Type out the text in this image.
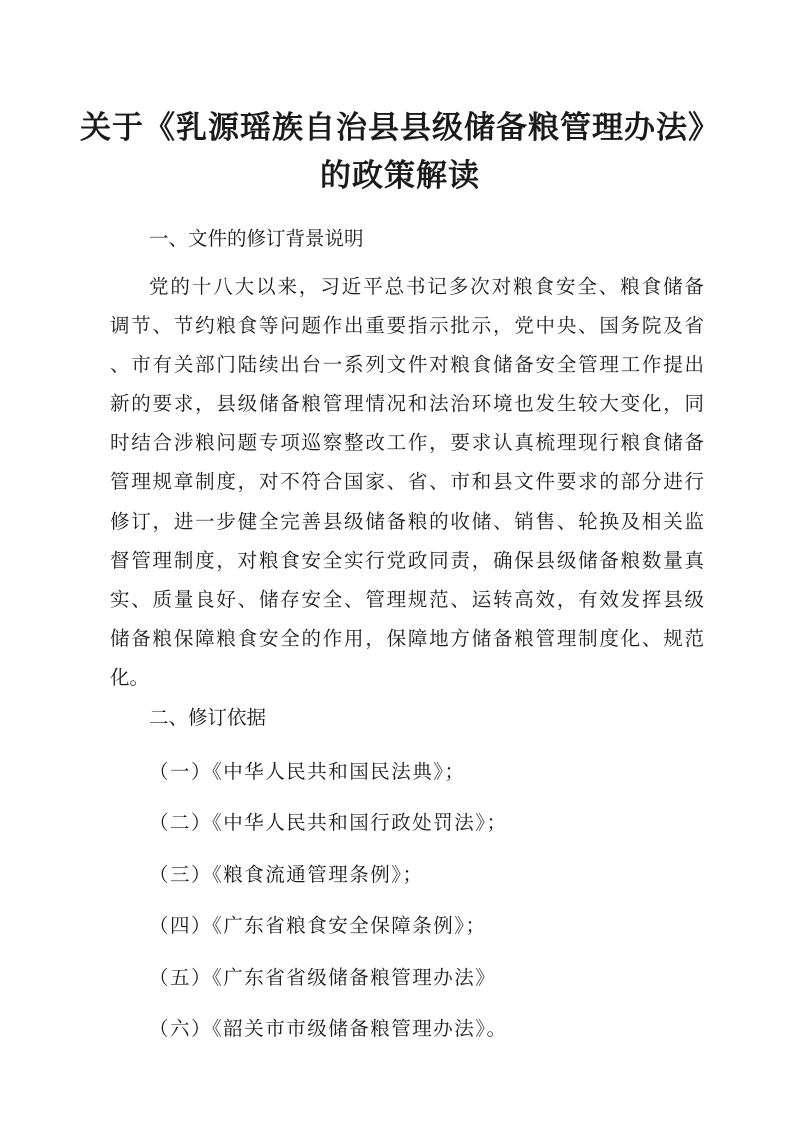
关于《乳源瑶族自治县县级储备粮管理办法》
的政策解读
一、文件的修订背景说明
党的十八大以来，习近平总书记多次对粮食安全、粮食储备
调节、节约粮食等问题作出重要指示批示，党中央、国务院及省
、市有关部门陆续出台一系列文件对粮食储备安全管理工作提出
新的要求，县级储备粮管理情况和法治环境也发生较大变化，同
时结合涉粮问题专项巡察整改工作，要求认真梳理现行粮食储备
管理规章制度，对不符合国家、省、市和县文件要求的部分进行
修订，进一步健全完善县级储备粮的收储、销售、轮换及相关监
督管理制度，对粮食安全实行党政同责，确保县级储备粮数量真
实、质量良好、储存安全、管理规范、运转高效，有效发挥县级
储备粮保障粮食安全的作用，保障地方储备粮管理制度化、规范
化。
二、修订依据
（一）《中华人民共和国民法典》；
（二）《中华人民共和国行政处罚法》；
（三）《粮食流通管理条例》；
（四）《广东省粮食安全保障条例》；
（五）《广东省省级储备粮管理办法》
（六）《韶关市市级储备粮管理办法》。
